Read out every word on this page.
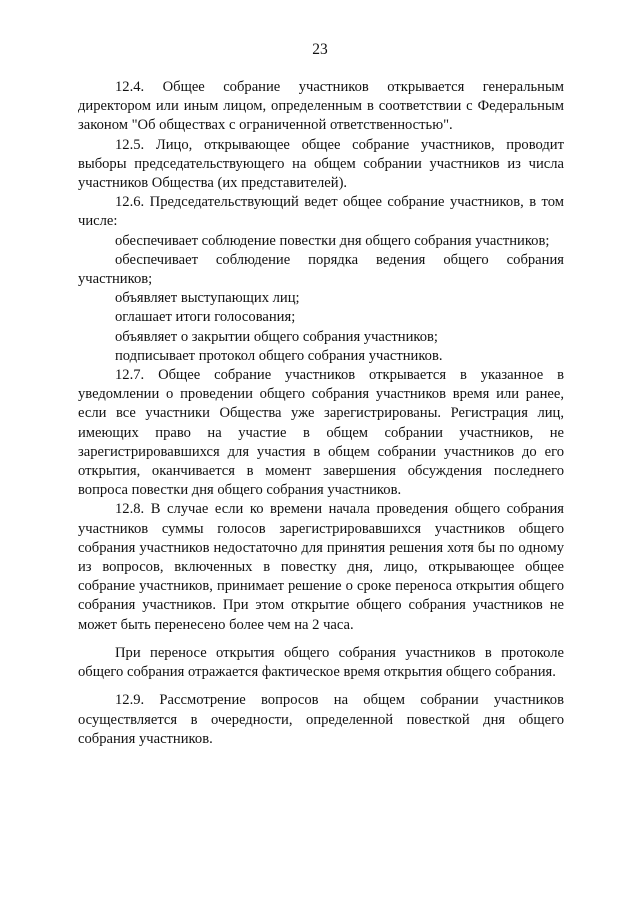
23

12.4. Общее собрание участников открывается генеральным директором или иным лицом, определенным в соответствии с Федеральным законом "Об обществах с ограниченной ответственностью".

12.5. Лицо, открывающее общее собрание участников, проводит выборы председательствующего на общем собрании участников из числа участников Общества (их представителей).

12.6. Председательствующий ведет общее собрание участников, в том числе:

обеспечивает соблюдение повестки дня общего собрания участников;

обеспечивает соблюдение порядка ведения общего собрания участников;

объявляет выступающих лиц;

оглашает итоги голосования;

объявляет о закрытии общего собрания участников;

подписывает протокол общего собрания участников.

12.7. Общее собрание участников открывается в указанное в уведомлении о проведении общего собрания участников время или ранее, если все участники Общества уже зарегистрированы. Регистрация лиц, имеющих право на участие в общем собрании участников, не зарегистрировавшихся для участия в общем собрании участников до его открытия, оканчивается в момент завершения обсуждения последнего вопроса повестки дня общего собрания участников.

12.8. В случае если ко времени начала проведения общего собрания участников суммы голосов зарегистрировавшихся участников общего собрания участников недостаточно для принятия решения хотя бы по одному из вопросов, включенных в повестку дня, лицо, открывающее общее собрание участников, принимает решение о сроке переноса открытия общего собрания участников. При этом открытие общего собрания участников не может быть перенесено более чем на 2 часа.

При переносе открытия общего собрания участников в протоколе общего собрания отражается фактическое время открытия общего собрания.

12.9. Рассмотрение вопросов на общем собрании участников осуществляется в очередности, определенной повесткой дня общего собрания участников.
